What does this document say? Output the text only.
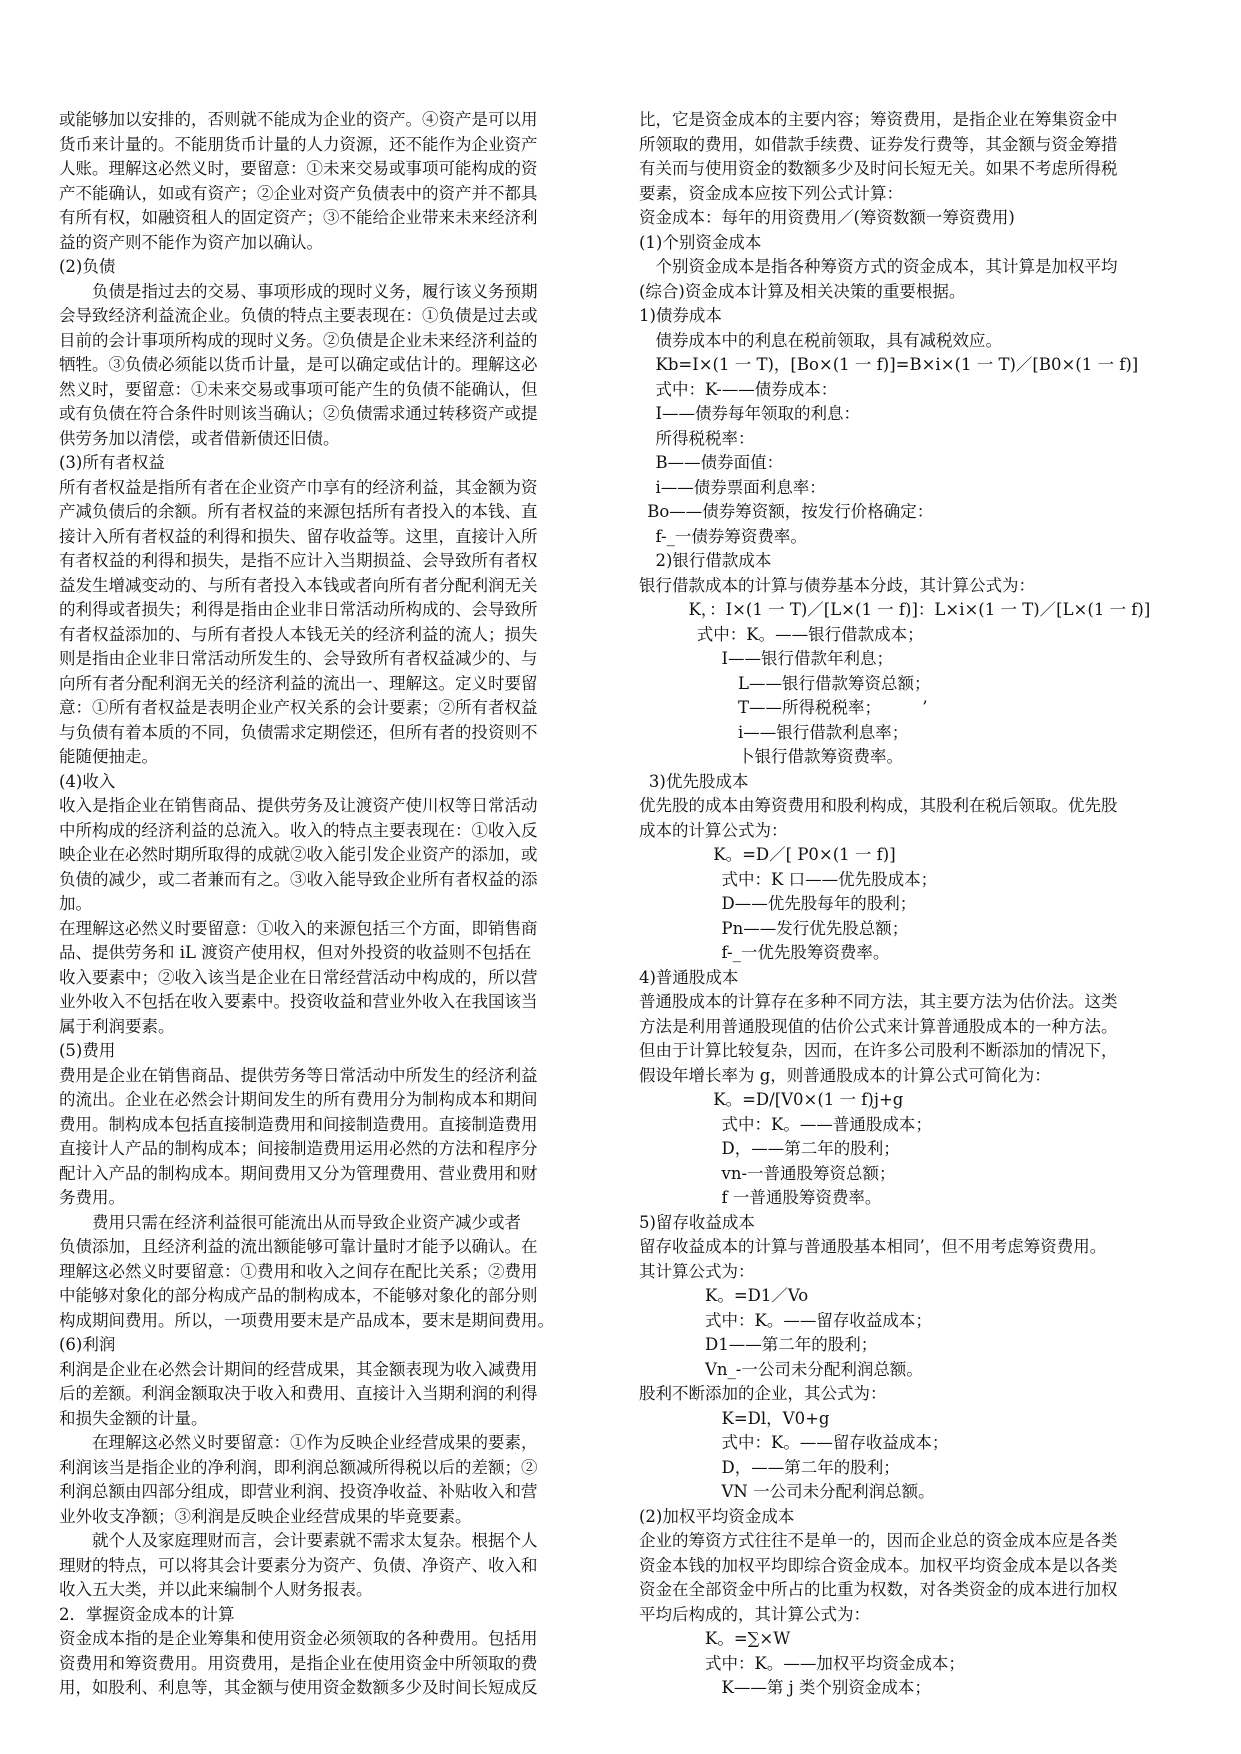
或能够加以安排的，否则就不能成为企业的资产。④资产是可以用
货币来计量的。不能朋货币计量的人力资源，还不能作为企业资产
人账。理解这必然义时，要留意：①未来交易或事项可能构成的资
产不能确认，如或有资产；②企业对资产负债表中的资产并不都具
有所有权，如融资租人的固定资产；③不能给企业带来未来经济利
益的资产则不能作为资产加以确认。
(2)负债
负债是指过去的交易、事项形成的现时义务，履行该义务预期
会导致经济利益流企业。负债的特点主要表现在：①负债是过去或
目前的会计事项所构成的现时义务。②负债是企业未来经济利益的
牺牲。③负债必须能以货币计量，是可以确定或估计的。理解这必
然义时，要留意：①未来交易或事项可能产生的负债不能确认，但
或有负债在符合条件时则该当确认；②负债需求通过转移资产或提
供劳务加以清偿，或者借新债还旧债。
(3)所有者权益
所有者权益是指所有者在企业资产巾享有的经济利益，其金额为资
产减负债后的余额。所有者权益的来源包括所有者投入的本钱、直
接计入所有者权益的利得和损失、留存收益等。这里，直接计入所
有者权益的利得和损失，是指不应计入当期损益、会导致所有者权
益发生增减变动的、与所有者投入本钱或者向所有者分配利润无关
的利得或者损失；利得是指由企业非日常活动所构成的、会导致所
有者权益添加的、与所有者投人本钱无关的经济利益的流人；损失
则是指由企业非日常活动所发生的、会导致所有者权益减少的、与
向所有者分配利润无关的经济利益的流出一、理解这。定义时要留
意：①所有者权益是表明企业产权关系的会计要素；②所有者权益
与负债有着本质的不同，负债需求定期偿还，但所有者的投资则不
能随便抽走。
(4)收入
收入是指企业在销售商品、提供劳务及让渡资产使川权等日常活动
中所构成的经济利益的总流入。收入的特点主要表现在：①收入反
映企业在必然时期所取得的成就②收入能引发企业资产的添加，或
负债的减少，或二者兼而有之。③收入能导致企业所有者权益的添
加。
在理解这必然义时要留意：①收入的来源包括三个方面，即销售商
品、提供劳务和 iL 渡资产使用权，但对外投资的收益则不包括在
收入要素中；②收入该当是企业在日常经营活动中构成的，所以营
业外收入不包括在收入要素中。投资收益和营业外收入在我国该当
属于利润要素。
(5)费用
费用是企业在销售商品、提供劳务等日常活动中所发生的经济利益
的流出。企业在必然会计期间发生的所有费用分为制构成本和期间
费用。制构成本包括直接制造费用和间接制造费用。直接制造费用
直接计人产品的制构成本；间接制造费用运用必然的方法和程序分
配计入产品的制构成本。期间费用又分为管理费用、营业费用和财
务费用。
费用只需在经济利益很可能流出从而导致企业资产减少或者
负债添加，且经济利益的流出额能够可靠计量时才能予以确认。在
理解这必然义时要留意：①费用和收入之间存在配比关系；②费用
中能够对象化的部分构成产品的制构成本，不能够对象化的部分则
构成期间费用。所以，一项费用要末是产品成本，要末是期间费用。
(6)利润
利润是企业在必然会计期间的经营成果，其金额表现为收入减费用
后的差额。利润金额取决于收入和费用、直接计入当期利润的利得
和损失金额的计量。
在理解这必然义时要留意：①作为反映企业经营成果的要素，
利润该当是指企业的净利润，即利润总额减所得税以后的差额；②
利润总额由四部分组成，即营业利润、投资净收益、补贴收入和营
业外收支净额；③利润是反映企业经营成果的毕竟要素。
就个人及家庭理财而言，会计要素就不需求太复杂。根据个人
理财的特点，可以将其会计要素分为资产、负债、净资产、收入和
收入五大类，并以此来编制个人财务报表。
2．掌握资金成本的计算
资金成本指的是企业筹集和使用资金必须领取的各种费用。包括用
资费用和筹资费用。用资费用，是指企业在使用资金中所领取的费
用，如股利、利息等，其金额与使用资金数额多少及时间长短成反
比，它是资金成本的主要内容；筹资费用，是指企业在筹集资金中
所领取的费用，如借款手续费、证券发行费等，其金额与资金筹措
有关而与使用资金的数额多少及时问长短无关。如果不考虑所得税
要素，资金成本应按下列公式计算：
资金成本：每年的用资费用／(筹资数额一筹资费用)
(1)个别资金成本
个别资金成本是指各种筹资方式的资金成本，其计算是加权平均
(综合)资金成本计算及相关决策的重要根据。
1)债券成本
债券成本中的利息在税前领取，具有减税效应。
Kb=I×(1 一 T)，[Bo×(1 一 f)]=B×i×(1 一 T)／[B0×(1 一 f)]
式中：K-——债券成本：
I——债券每年领取的利息：
所得税税率：
B——债券面值：
i——债券票面利息率：
Bo——债券筹资额，按发行价格确定：
f-_一债券筹资费率。
2)银行借款成本
银行借款成本的计算与债券基本分歧，其计算公式为：
K，：I×(1 一 T)／[L×(1 一 f)]：L×i×(1 一 T)／[L×(1 一 f)]
式中：K。——银行借款成本；
I——银行借款年利息；
L——银行借款筹资总额；
T——所得税税率；　　　’
i——银行借款利息率；
卜银行借款筹资费率。
3)优先股成本
优先股的成本由筹资费用和股利构成，其股利在税后领取。优先股
成本的计算公式为：
K。=D／[ P0×(1 一 f)]
式中：K 口——优先股成本；
D——优先股每年的股利；
Pn——发行优先股总额；
f-_一优先股筹资费率。
4)普通股成本
普通股成本的计算存在多种不同方法，其主要方法为估价法。这类
方法是利用普通股现值的估价公式来计算普通股成本的一种方法。
但由于计算比较复杂，因而，在许多公司股利不断添加的情况下，
假设年增长率为 g，则普通股成本的计算公式可简化为：
K。=D/[V0×(1 一 f)j+g
式中：K。——普通股成本；
D，——第二年的股利；
vn-一普通股筹资总额；
f 一普通股筹资费率。
5)留存收益成本
留存收益成本的计算与普通股基本相同’，但不用考虑筹资费用。
其计算公式为：
K。=D1／Vo
式中：K。——留存收益成本；
D1——第二年的股利；
Vn_-一公司未分配利润总额。
股利不断添加的企业，其公式为：
K=Dl，V0+g
式中：K。——留存收益成本；
D，——第二年的股利；
VN 一公司未分配利润总额。
(2)加权平均资金成本
企业的筹资方式往往不是单一的，因而企业总的资金成本应是各类
资金本钱的加权平均即综合资金成本。加权平均资金成本是以各类
资金在全部资金中所占的比重为权数，对各类资金的成本进行加权
平均后构成的，其计算公式为：
K。=∑×W
式中：K。——加权平均资金成本；
K——第 j 类个别资金成本；
